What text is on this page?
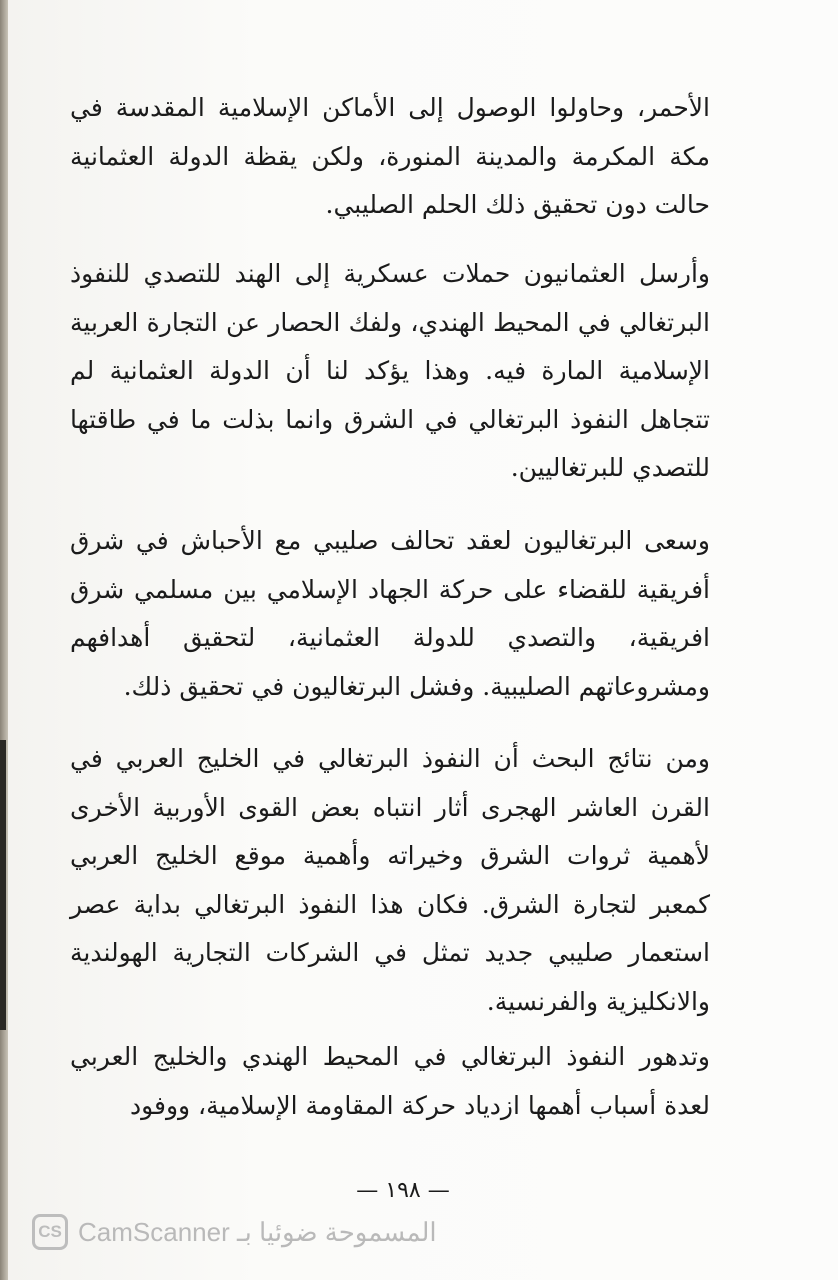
الأحمر، وحاولوا الوصول إلى الأماكن الإسلامية المقدسة في مكة المكرمة والمدينة المنورة، ولكن يقظة الدولة العثمانية حالت دون تحقيق ذلك الحلم الصليبي.

وأرسل العثمانيون حملات عسكرية إلى الهند للتصدي للنفوذ البرتغالي في المحيط الهندي، ولفك الحصار عن التجارة العربية الإسلامية المارة فيه. وهذا يؤكد لنا أن الدولة العثمانية لم تتجاهل النفوذ البرتغالي في الشرق وانما بذلت ما في طاقتها للتصدي للبرتغاليين.

وسعى البرتغاليون لعقد تحالف صليبي مع الأحباش في شرق أفريقية للقضاء على حركة الجهاد الإسلامي بين مسلمي شرق افريقية، والتصدي للدولة العثمانية، لتحقيق أهدافهم ومشروعاتهم الصليبية. وفشل البرتغاليون في تحقيق ذلك.

ومن نتائج البحث أن النفوذ البرتغالي في الخليج العربي في القرن العاشر الهجرى أثار انتباه بعض القوى الأوربية الأخرى لأهمية ثروات الشرق وخيراته وأهمية موقع الخليج العربي كمعبر لتجارة الشرق. فكان هذا النفوذ البرتغالي بداية عصر استعمار صليبي جديد تمثل في الشركات التجارية الهولندية والانكليزية والفرنسية.

وتدهور النفوذ البرتغالي في المحيط الهندي والخليج العربي لعدة أسباب أهمها ازدياد حركة المقاومة الإسلامية، ووفود

— ١٩٨ —
CS CamScanner المسموحة ضوئيا بـ
